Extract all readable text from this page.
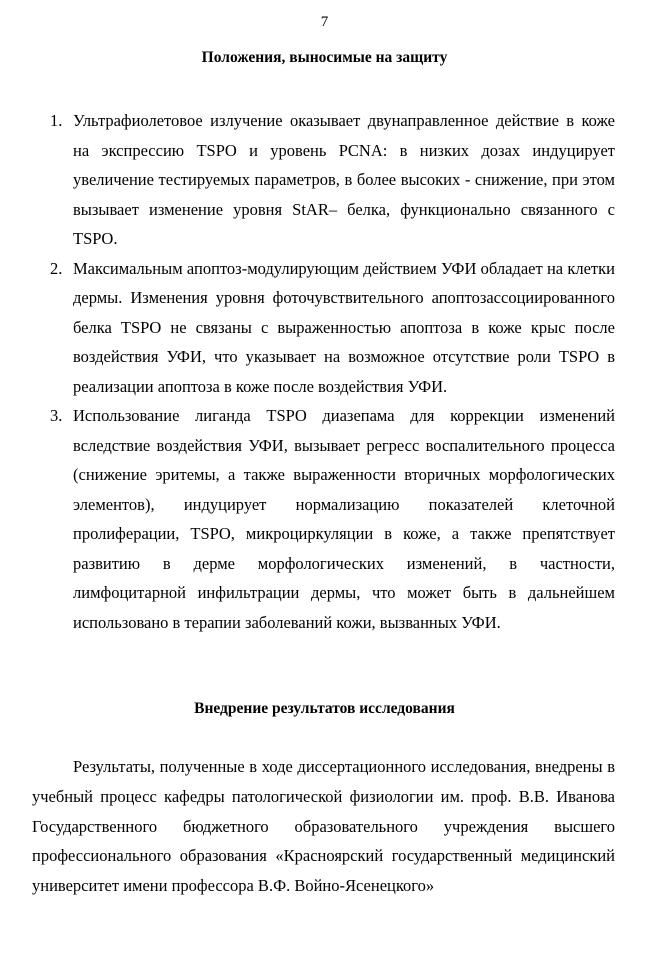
7
Положения, выносимые на защиту
1. Ультрафиолетовое излучение оказывает двунаправленное действие в коже на экспрессию TSPO и уровень PCNA: в низких дозах индуцирует увеличение тестируемых параметров, в более высоких - снижение, при этом вызывает изменение уровня StAR– белка, функционально связанного с TSPO.
2. Максимальным апоптоз-модулирующим действием УФИ обладает на клетки дермы. Изменения уровня фоточувствительного апоптозассоциированного белка TSPO не связаны с выраженностью апоптоза в коже крыс после воздействия УФИ, что указывает на возможное отсутствие роли TSPO в реализации апоптоза в коже после воздействия УФИ.
3. Использование лиганда TSPO диазепама для коррекции изменений вследствие воздействия УФИ, вызывает регресс воспалительного процесса (снижение эритемы, а также выраженности вторичных морфологических элементов), индуцирует нормализацию показателей клеточной пролиферации, TSPO, микроциркуляции в коже, а также препятствует развитию в дерме морфологических изменений, в частности, лимфоцитарной инфильтрации дермы, что может быть в дальнейшем использовано в терапии заболеваний кожи, вызванных УФИ.
Внедрение результатов исследования

Результаты, полученные в ходе диссертационного исследования, внедрены в учебный процесс кафедры патологической физиологии им. проф. В.В. Иванова Государственного бюджетного образовательного учреждения высшего профессионального образования «Красноярский государственный медицинский университет имени профессора В.Ф. Войно-Ясенецкого»
